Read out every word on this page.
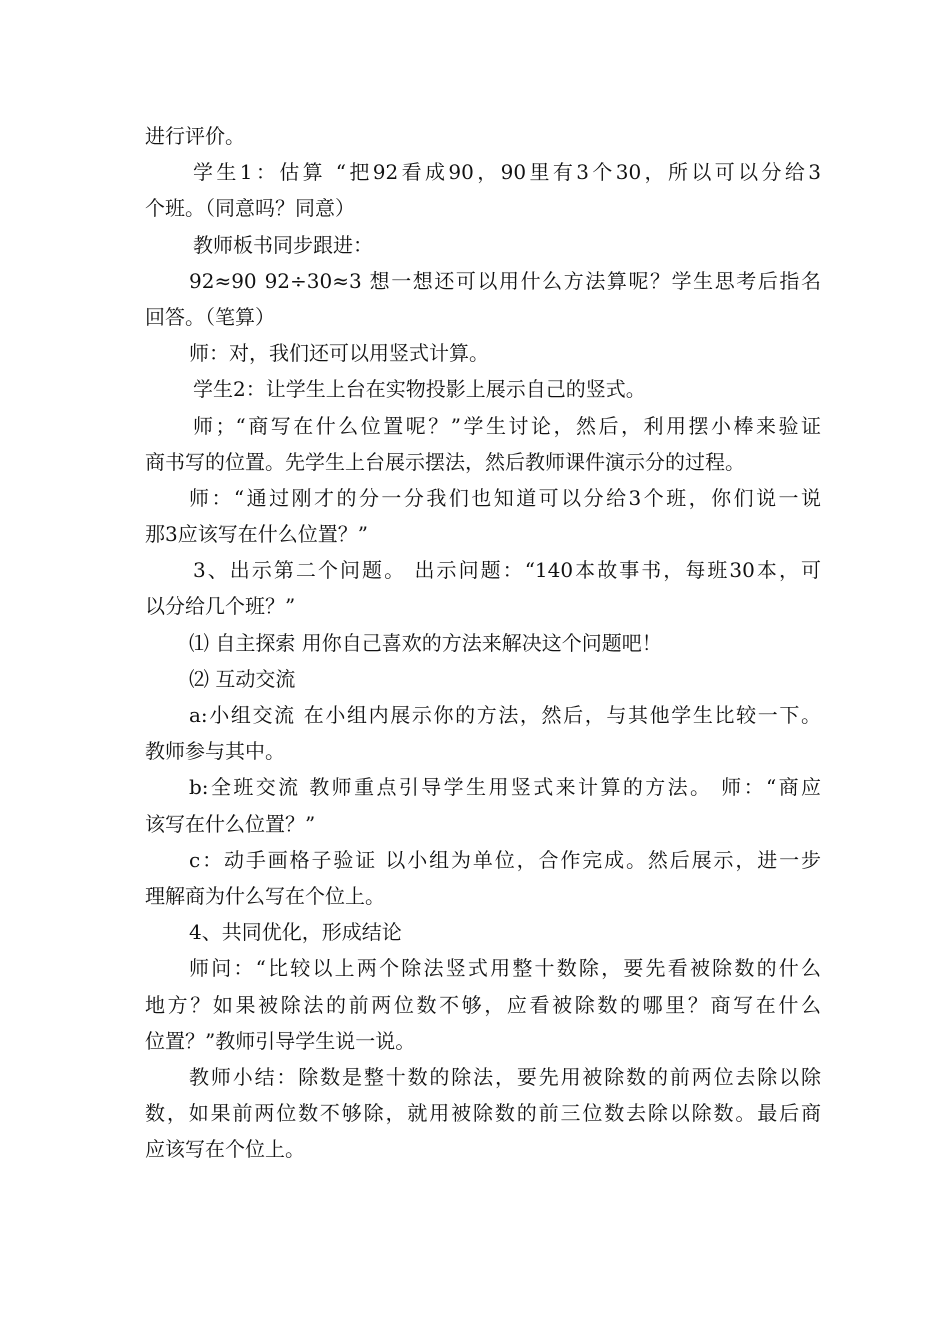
进行评价。
学生1：估算 “把92看成90，90里有3个30，所以可以分给3
个班。（同意吗？同意）
教师板书同步跟进：
92≈90 92÷30≈3 想一想还可以用什么方法算呢？学生思考后指名
回答。（笔算）
师：对，我们还可以用竖式计算。
学生2：让学生上台在实物投影上展示自己的竖式。
师；“商写在什么位置呢？”学生讨论，然后，利用摆小棒来验证
商书写的位置。先学生上台展示摆法，然后教师课件演示分的过程。
师：“通过刚才的分一分我们也知道可以分给3个班，你们说一说
那3应该写在什么位置？”
3、出示第二个问题。 出示问题：“140本故事书，每班30本，可
以分给几个班？”
⑴ 自主探索 用你自己喜欢的方法来解决这个问题吧！
⑵ 互动交流
a:小组交流 在小组内展示你的方法，然后，与其他学生比较一下。
教师参与其中。
b:全班交流 教师重点引导学生用竖式来计算的方法。 师：“商应
该写在什么位置？”
c：动手画格子验证 以小组为单位，合作完成。然后展示，进一步
理解商为什么写在个位上。
4、共同优化，形成结论
师问：“比较以上两个除法竖式用整十数除，要先看被除数的什么
地方？如果被除法的前两位数不够，应看被除数的哪里？商写在什么
位置？”教师引导学生说一说。
教师小结：除数是整十数的除法，要先用被除数的前两位去除以除
数，如果前两位数不够除，就用被除数的前三位数去除以除数。最后商
应该写在个位上。
